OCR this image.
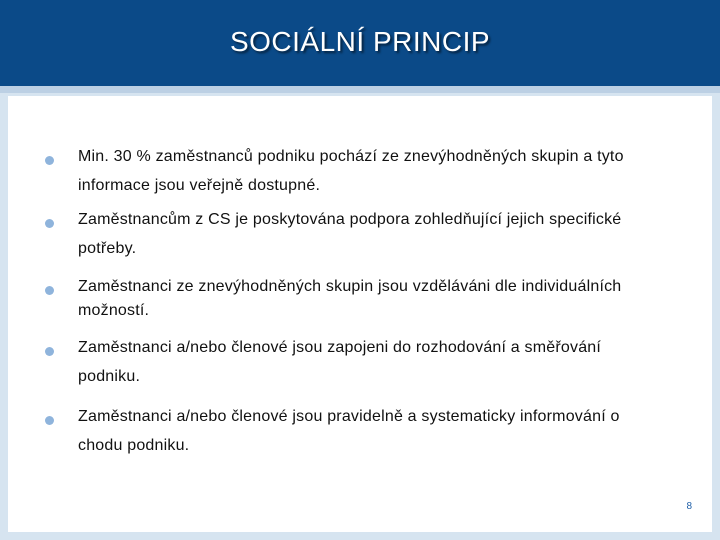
SOCIÁLNÍ PRINCIP
Min. 30 % zaměstnanců podniku pochází ze znevýhodněných skupin a tyto
informace jsou veřejně dostupné.
Zaměstnancům z CS je poskytována podpora zohledňující jejich specifické
potřeby.
Zaměstnanci ze znevýhodněných skupin jsou vzděláváni dle individuálních
možností.
Zaměstnanci a/nebo členové jsou zapojeni do rozhodování a směřování
podniku.
Zaměstnanci a/nebo členové jsou pravidelně a systematicky informování o
chodu podniku.
8
